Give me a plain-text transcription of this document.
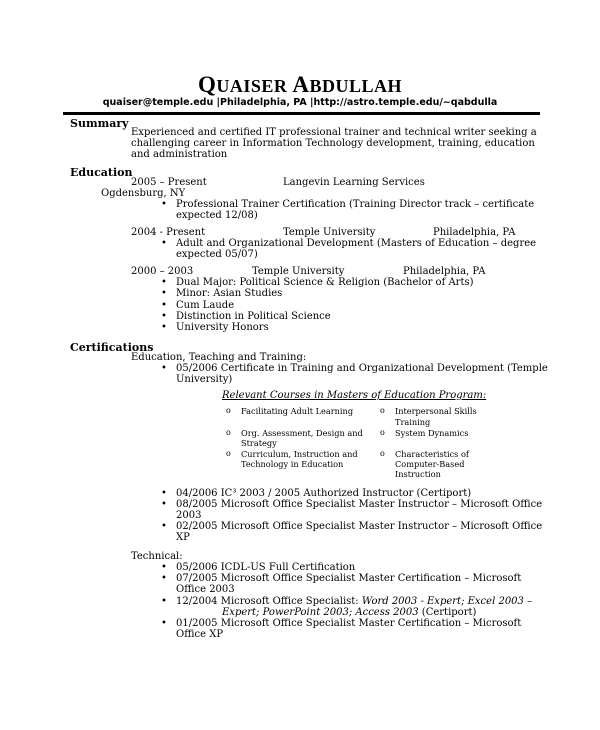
QUAISER ABDULLAH
quaiser@temple.edu |Philadelphia, PA |http://astro.temple.edu/~qabdulla
Summary
Experienced and certified IT professional trainer and technical writer seeking a
challenging career in Information Technology development, training, education
and administration
Education
2005 – Present	Langevin Learning Services
Ogdensburg, NY
• Professional Trainer Certification (Training Director track – certificate
expected 12/08)
2004 - Present	Temple University	Philadelphia, PA
• Adult and Organizational Development (Masters of Education – degree
expected 05/07)
2000 – 2003	Temple University	Philadelphia, PA
• Dual Major: Political Science & Religion (Bachelor of Arts)
• Minor: Asian Studies
• Cum Laude
• Distinction in Political Science
• University Honors
Certifications
Education, Teaching and Training:
• 05/2006 Certificate in Training and Organizational Development (Temple
University)
Relevant Courses in Masters of Education Program:
o Facilitating Adult Learning
o Org. Assessment, Design and
Strategy
o Curriculum, Instruction and
Technology in Education
o Interpersonal Skills
Training
o System Dynamics
o Characteristics of
Computer-Based
Instruction
• 04/2006 IC³ 2003 / 2005 Authorized Instructor (Certiport)
• 08/2005 Microsoft Office Specialist Master Instructor – Microsoft Office
2003
• 02/2005 Microsoft Office Specialist Master Instructor – Microsoft Office
XP
Technical:
• 05/2006 ICDL-US Full Certification
• 07/2005 Microsoft Office Specialist Master Certification – Microsoft
Office 2003
• 12/2004 Microsoft Office Specialist: Word 2003 - Expert; Excel 2003 –
Expert; PowerPoint 2003; Access 2003 (Certiport)
• 01/2005 Microsoft Office Specialist Master Certification – Microsoft
Office XP
